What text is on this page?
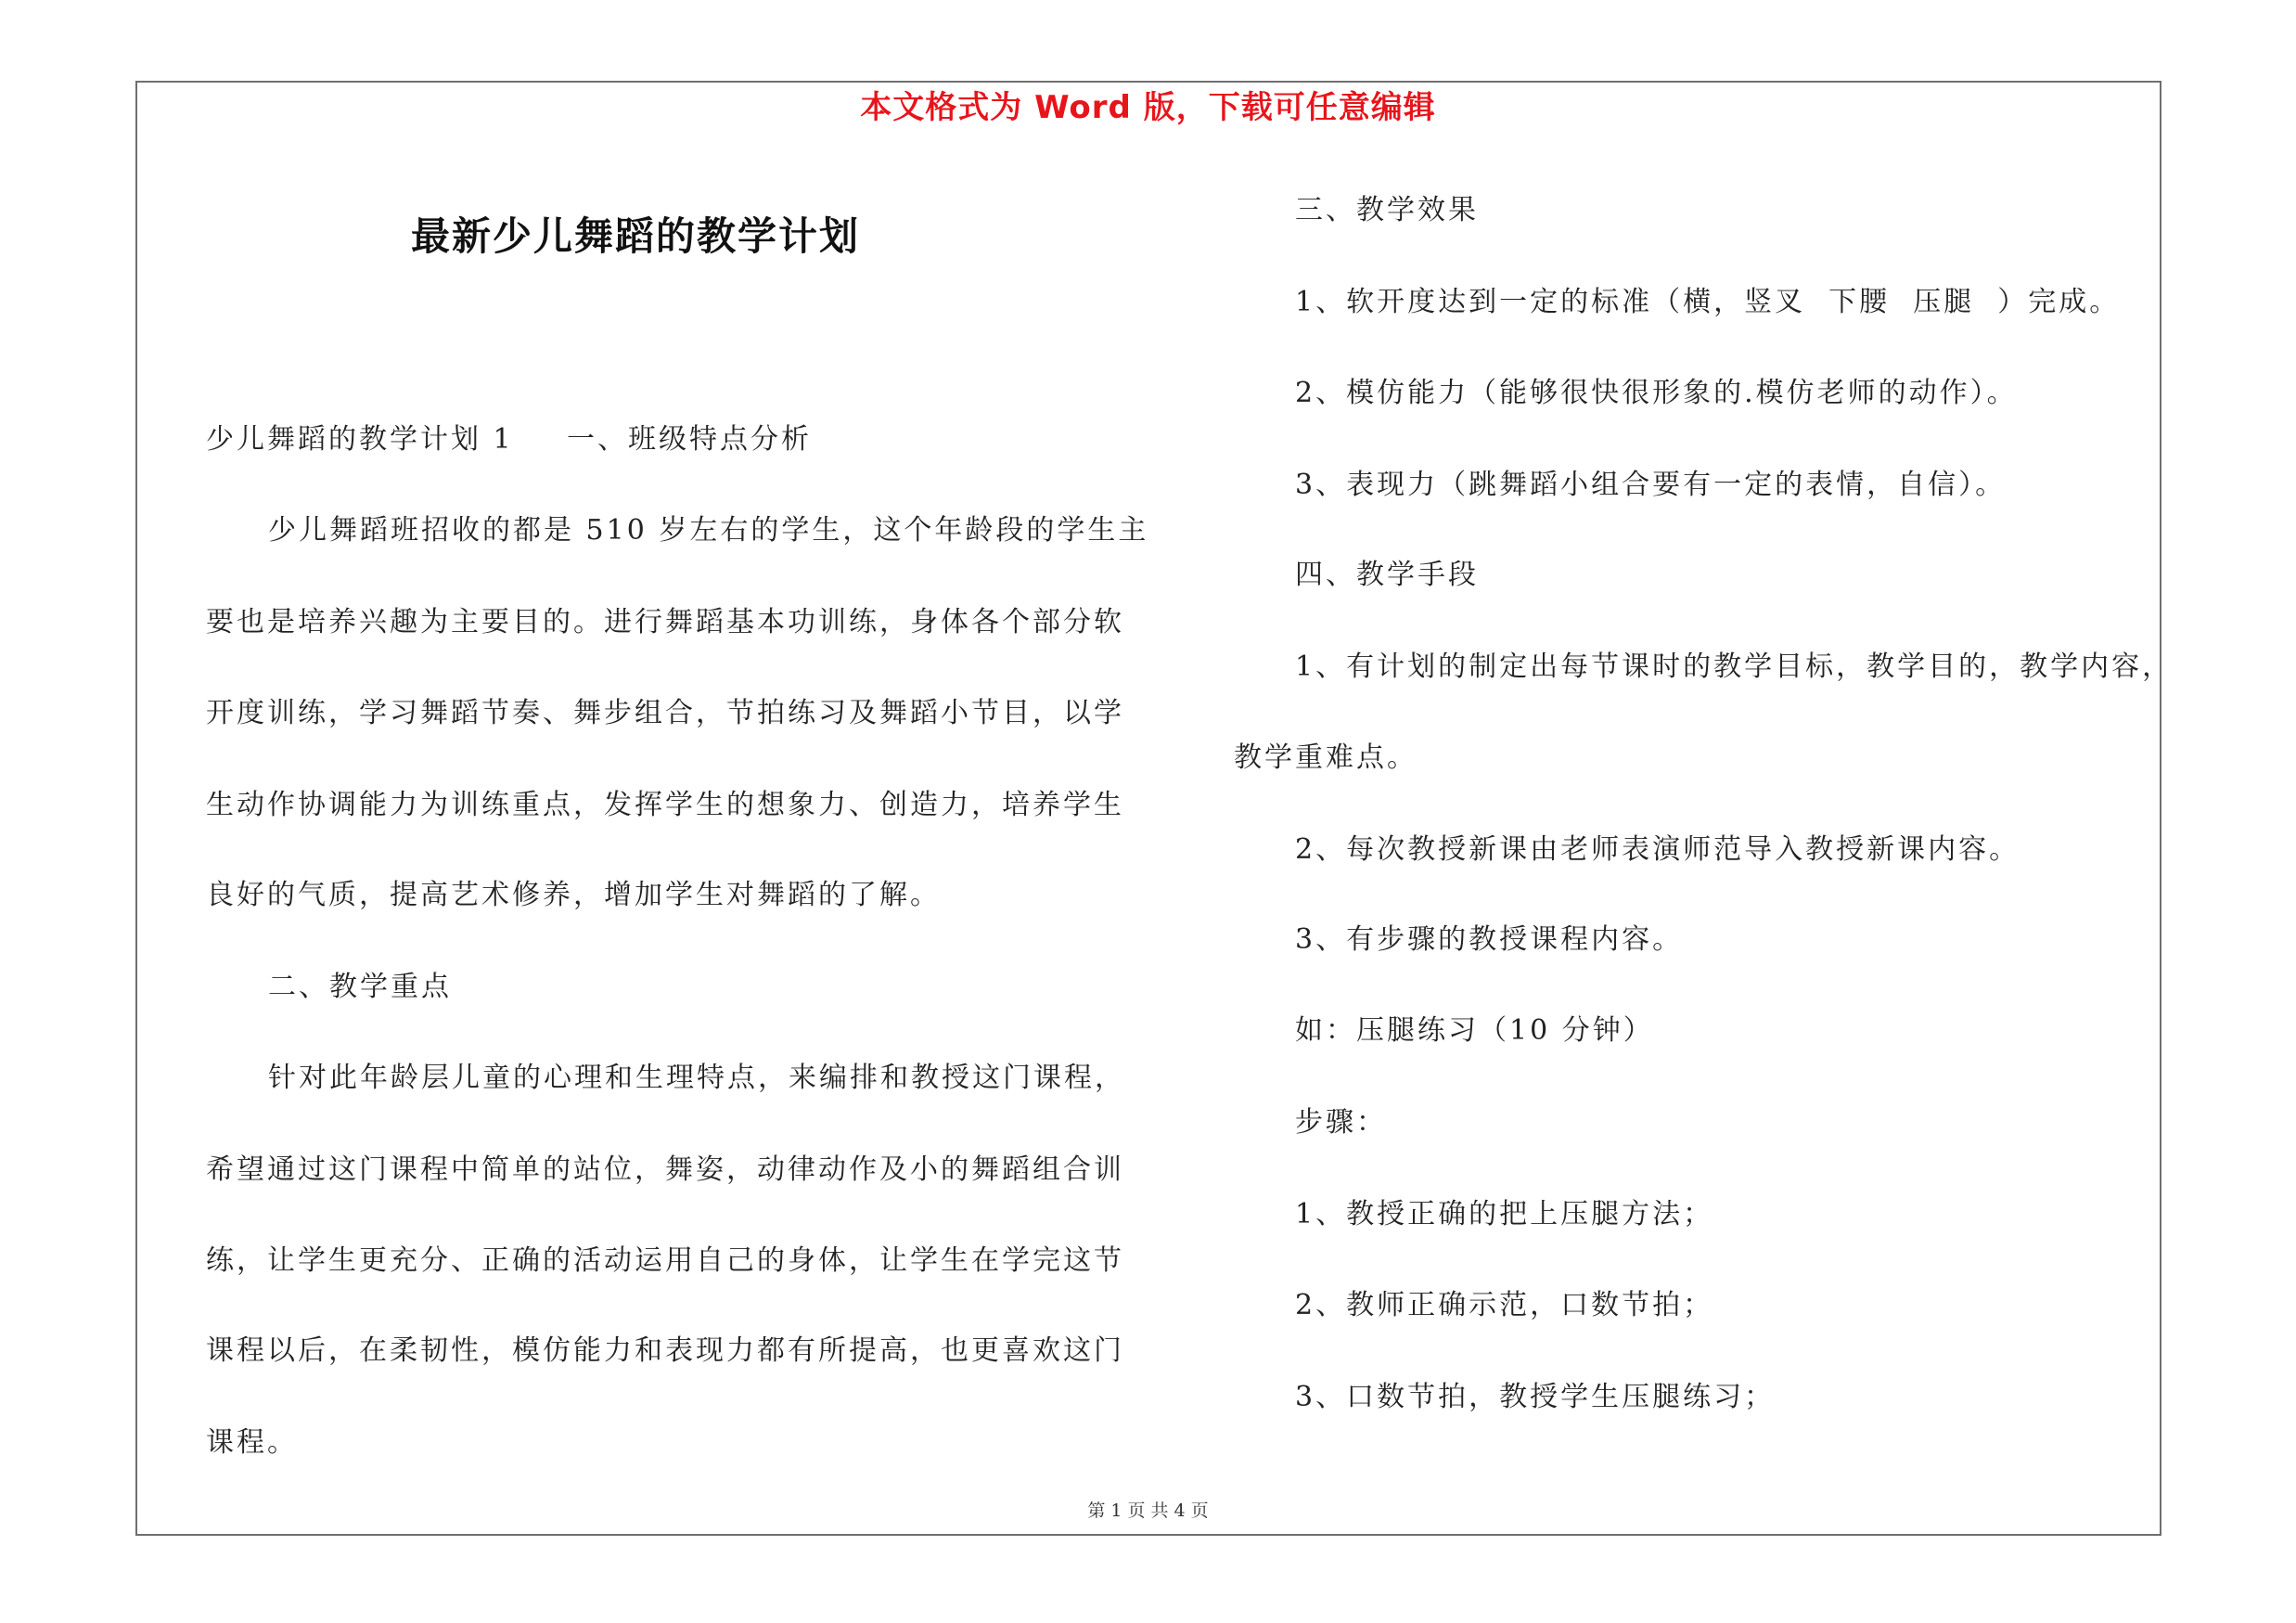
本文格式为 Word 版，下载可任意编辑
最新少儿舞蹈的教学计划
少儿舞蹈的教学计划 1 一、班级特点分析
少儿舞蹈班招收的都是 510 岁左右的学生，这个年龄段的学生主
要也是培养兴趣为主要目的。进行舞蹈基本功训练，身体各个部分软
开度训练，学习舞蹈节奏、舞步组合，节拍练习及舞蹈小节目，以学
生动作协调能力为训练重点，发挥学生的想象力、创造力，培养学生
良好的气质，提高艺术修养，增加学生对舞蹈的了解。
二、教学重点
针对此年龄层儿童的心理和生理特点，来编排和教授这门课程，
希望通过这门课程中简单的站位，舞姿，动律动作及小的舞蹈组合训
练，让学生更充分、正确的活动运用自己的身体，让学生在学完这节
课程以后，在柔韧性，模仿能力和表现力都有所提高，也更喜欢这门
课程。
三、教学效果
1、软开度达到一定的标准（横，竖叉  下腰  压腿  ）完成。
2、模仿能力（能够很快很形象的.模仿老师的动作）。
3、表现力（跳舞蹈小组合要有一定的表情，自信）。
四、教学手段
1、有计划的制定出每节课时的教学目标，教学目的，教学内容，
教学重难点。
2、每次教授新课由老师表演师范导入教授新课内容。
3、有步骤的教授课程内容。
如：压腿练习（10 分钟）
步骤：
1、教授正确的把上压腿方法；
2、教师正确示范，口数节拍；
3、口数节拍，教授学生压腿练习；
第 1 页 共 4 页
